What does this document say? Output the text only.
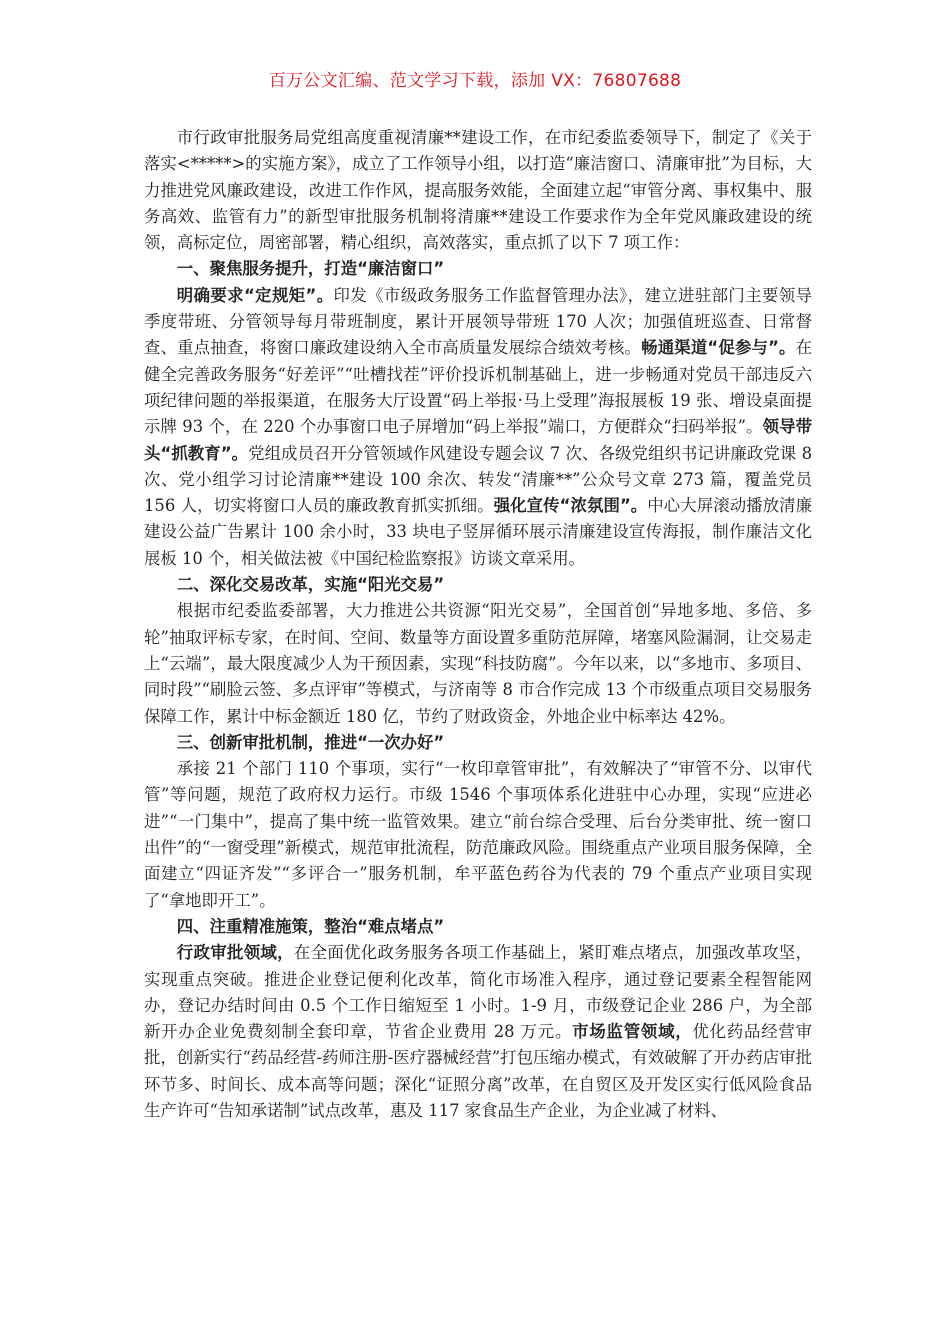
百万公文汇编、范文学习下载，添加 VX：76807688

市行政审批服务局党组高度重视清廉**建设工作，在市纪委监委领导下，制定了《关于落实<*****>的实施方案》，成立了工作领导小组，以打造“廉洁窗口、清廉审批”为目标，大力推进党风廉政建设，改进工作作风，提高服务效能，全面建立起“审管分离、事权集中、服务高效、监管有力”的新型审批服务机制将清廉**建设工作要求作为全年党风廉政建设的统领，高标定位，周密部署，精心组织，高效落实，重点抓了以下 7 项工作：

一、聚焦服务提升，打造“廉洁窗口”

明确要求“定规矩”。印发《市级政务服务工作监督管理办法》，建立进驻部门主要领导季度带班、分管领导每月带班制度，累计开展领导带班 170 人次；加强值班巡查、日常督查、重点抽查，将窗口廉政建设纳入全市高质量发展综合绩效考核。畅通渠道“促参与”。在健全完善政务服务“好差评”“吐槽找茬”评价投诉机制基础上，进一步畅通对党员干部违反六项纪律问题的举报渠道，在服务大厅设置“码上举报·马上受理”海报展板 19 张、增设桌面提示牌 93 个，在 220 个办事窗口电子屏增加“码上举报”端口，方便群众“扫码举报”。领导带头“抓教育”。党组成员召开分管领域作风建设专题会议 7 次、各级党组织书记讲廉政党课 8 次、党小组学习讨论清廉**建设 100 余次、转发“清廉**”公众号文章 273 篇，覆盖党员 156 人，切实将窗口人员的廉政教育抓实抓细。强化宣传“浓氛围”。中心大屏滚动播放清廉建设公益广告累计 100 余小时，33 块电子竖屏循环展示清廉建设宣传海报，制作廉洁文化展板 10 个，相关做法被《中国纪检监察报》访谈文章采用。

二、深化交易改革，实施“阳光交易”

根据市纪委监委部署，大力推进公共资源“阳光交易”，全国首创“异地多地、多倍、多轮”抽取评标专家，在时间、空间、数量等方面设置多重防范屏障，堵塞风险漏洞，让交易走上“云端”，最大限度减少人为干预因素，实现“科技防腐”。今年以来，以“多地市、多项目、同时段”“刷脸云签、多点评审”等模式，与济南等 8 市合作完成 13 个市级重点项目交易服务保障工作，累计中标金额近 180 亿，节约了财政资金，外地企业中标率达 42%。

三、创新审批机制，推进“一次办好”

承接 21 个部门 110 个事项，实行“一枚印章管审批”，有效解决了“审管不分、以审代管”等问题，规范了政府权力运行。市级 1546 个事项体系化进驻中心办理，实现“应进必进”“一门集中”，提高了集中统一监管效果。建立“前台综合受理、后台分类审批、统一窗口出件”的“一窗受理”新模式，规范审批流程，防范廉政风险。围绕重点产业项目服务保障，全面建立“四证齐发”“多评合一”服务机制，牟平蓝色药谷为代表的 79 个重点产业项目实现了“拿地即开工”。

四、注重精准施策，整治“难点堵点”

行政审批领域，在全面优化政务服务各项工作基础上，紧盯难点堵点，加强改革攻坚，实现重点突破。推进企业登记便利化改革，简化市场准入程序，通过登记要素全程智能网办，登记办结时间由 0.5 个工作日缩短至 1 小时。1-9 月，市级登记企业 286 户，为全部新开办企业免费刻制全套印章，节省企业费用 28 万元。市场监管领域，优化药品经营审批，创新实行“药品经营-药师注册-医疗器械经营”打包压缩办模式，有效破解了开办药店审批环节多、时间长、成本高等问题；深化“证照分离”改革，在自贸区及开发区实行低风险食品生产许可“告知承诺制”试点改革，惠及 117 家食品生产企业，为企业减了材料、
